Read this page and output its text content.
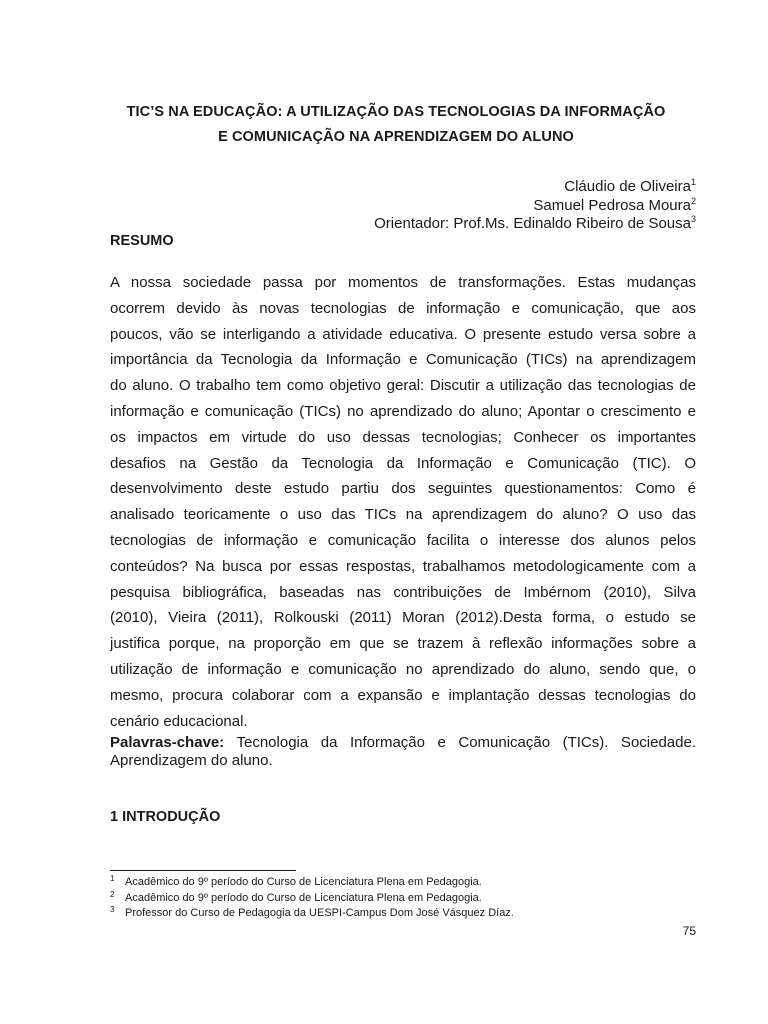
TIC’S NA EDUCAÇÃO: A UTILIZAÇÃO DAS TECNOLOGIAS DA INFORMAÇÃO
E COMUNICAÇÃO NA APRENDIZAGEM DO ALUNO
Cláudio de Oliveira$^1$
Samuel Pedrosa Moura$^2$
Orientador: Prof.Ms. Edinaldo Ribeiro de Sousa$^3$
RESUMO
A nossa sociedade passa por momentos de transformações. Estas mudanças
ocorrem devido às novas tecnologias de informação e comunicação, que aos
poucos, vão se interligando a atividade educativa. O presente estudo versa sobre a
importância da Tecnologia da Informação e Comunicação (TICs) na aprendizagem
do aluno. O trabalho tem como objetivo geral: Discutir a utilização das tecnologias de
informação e comunicação (TICs) no aprendizado do aluno; Apontar o crescimento e
os impactos em virtude do uso dessas tecnologias; Conhecer os importantes
desafios na Gestão da Tecnologia da Informação e Comunicação (TIC). O
desenvolvimento deste estudo partiu dos seguintes questionamentos: Como é
analisado teoricamente o uso das TICs na aprendizagem do aluno? O uso das
tecnologias de informação e comunicação facilita o interesse dos alunos pelos
conteúdos? Na busca por essas respostas, trabalhamos metodologicamente com a
pesquisa bibliográfica, baseadas nas contribuições de Imbérnom (2010), Silva
(2010), Vieira (2011), Rolkouski (2011) Moran (2012).Desta forma, o estudo se
justifica porque, na proporção em que se trazem à reflexão informações sobre a
utilização de informação e comunicação no aprendizado do aluno, sendo que, o
mesmo, procura colaborar com a expansão e implantação dessas tecnologias do
cenário educacional.
Palavras-chave: Tecnologia da Informação e Comunicação (TICs). Sociedade.
Aprendizagem do aluno.
1 INTRODUÇÃO
1 Acadêmico do 9º período do Curso de Licenciatura Plena em Pedagogia.
2 Acadêmico do 9º período do Curso de Licenciatura Plena em Pedagogia.
3 Professor do Curso de Pedagogia da UESPI-Campus Dom José Vásquez Díaz.
75
